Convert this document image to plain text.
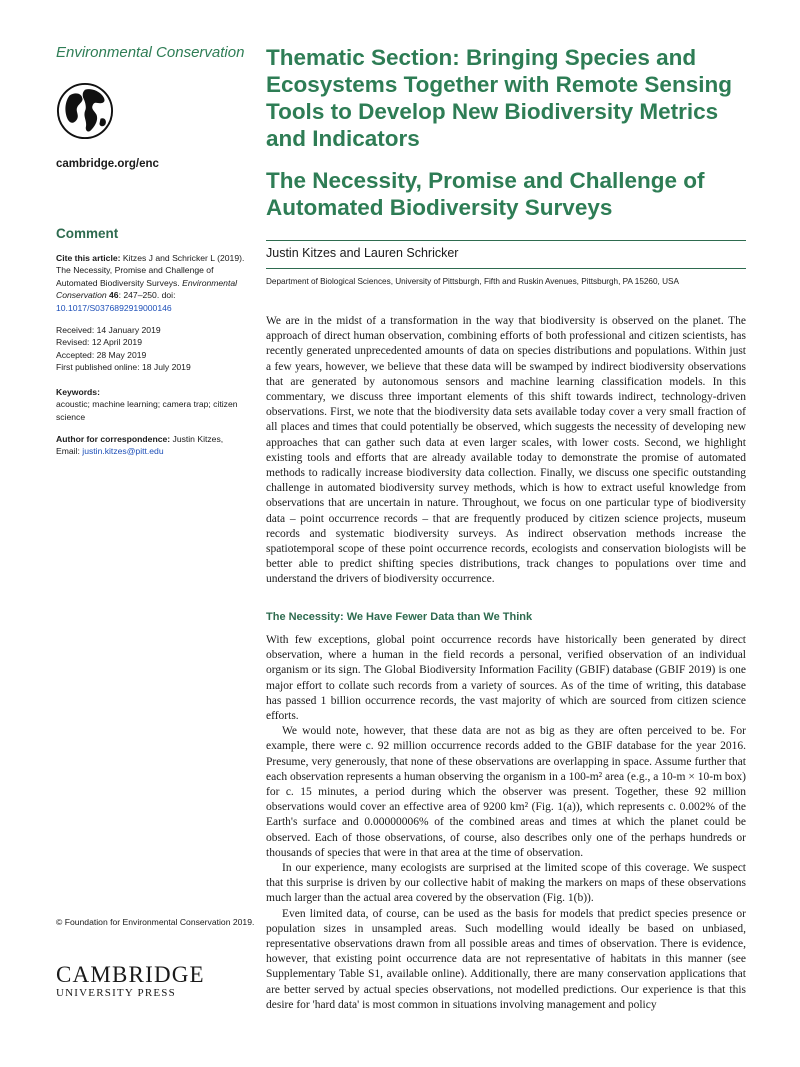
Environmental Conservation

cambridge.org/enc
Comment
Cite this article: Kitzes J and Schricker L (2019). The Necessity, Promise and Challenge of Automated Biodiversity Surveys. Environmental Conservation 46: 247–250. doi: 10.1017/S0376892919000146
Received: 14 January 2019
Revised: 12 April 2019
Accepted: 28 May 2019
First published online: 18 July 2019
Keywords:
acoustic; machine learning; camera trap; citizen science
Author for correspondence: Justin Kitzes,
Email: justin.kitzes@pitt.edu
© Foundation for Environmental Conservation 2019.
CAMBRIDGE
UNIVERSITY PRESS
Thematic Section: Bringing Species and Ecosystems Together with Remote Sensing Tools to Develop New Biodiversity Metrics and Indicators
The Necessity, Promise and Challenge of Automated Biodiversity Surveys
Justin Kitzes and Lauren Schricker
Department of Biological Sciences, University of Pittsburgh, Fifth and Ruskin Avenues, Pittsburgh, PA 15260, USA

We are in the midst of a transformation in the way that biodiversity is observed on the planet. The approach of direct human observation, combining efforts of both professional and citizen scientists, has recently generated unprecedented amounts of data on species distributions and populations. Within just a few years, however, we believe that these data will be swamped by indirect biodiversity observations that are generated by autonomous sensors and machine learning classification models. In this commentary, we discuss three important elements of this shift towards indirect, technology-driven observations. First, we note that the biodiversity data sets available today cover a very small fraction of all places and times that could potentially be observed, which suggests the necessity of developing new approaches that can gather such data at even larger scales, with lower costs. Second, we highlight existing tools and efforts that are already available today to demonstrate the promise of automated methods to radically increase biodiversity data collection. Finally, we discuss one specific outstanding challenge in automated biodiversity survey methods, which is how to extract useful knowledge from observations that are uncertain in nature. Throughout, we focus on one particular type of biodiversity data – point occurrence records – that are frequently produced by citizen science projects, museum records and systematic biodiversity surveys. As indirect observation methods increase the spatiotemporal scope of these point occurrence records, ecologists and conservation biologists will be better able to predict shifting species distributions, track changes to populations over time and understand the drivers of biodiversity occurrence.

The Necessity: We Have Fewer Data than We Think

With few exceptions, global point occurrence records have historically been generated by direct observation, where a human in the field records a personal, verified observation of an individual organism or its sign. The Global Biodiversity Information Facility (GBIF) database (GBIF 2019) is one major effort to collate such records from a variety of sources. As of the time of writing, this database has passed 1 billion occurrence records, the vast majority of which are sourced from citizen science efforts.

We would note, however, that these data are not as big as they are often perceived to be. For example, there were c. 92 million occurrence records added to the GBIF database for the year 2016. Presume, very generously, that none of these observations are overlapping in space. Assume further that each observation represents a human observing the organism in a 100-m² area (e.g., a 10-m × 10-m box) for c. 15 minutes, a period during which the observer was present. Together, these 92 million observations would cover an effective area of 9200 km² (Fig. 1(a)), which represents c. 0.002% of the Earth's surface and 0.00000006% of the combined areas and times at which the planet could be observed. Each of those observations, of course, also describes only one of the perhaps hundreds or thousands of species that were in that area at the time of observation.

In our experience, many ecologists are surprised at the limited scope of this coverage. We suspect that this surprise is driven by our collective habit of making the markers on maps of these observations much larger than the actual area covered by the observation (Fig. 1(b)).

Even limited data, of course, can be used as the basis for models that predict species presence or population sizes in unsampled areas. Such modelling would ideally be based on unbiased, representative observations drawn from all possible areas and times of observation. There is evidence, however, that existing point occurrence data are not representative of habitats in this manner (see Supplementary Table S1, available online). Additionally, there are many conservation applications that are better served by actual species observations, not modelled predictions. Our experience is that this desire for 'hard data' is most common in situations involving management and policy
